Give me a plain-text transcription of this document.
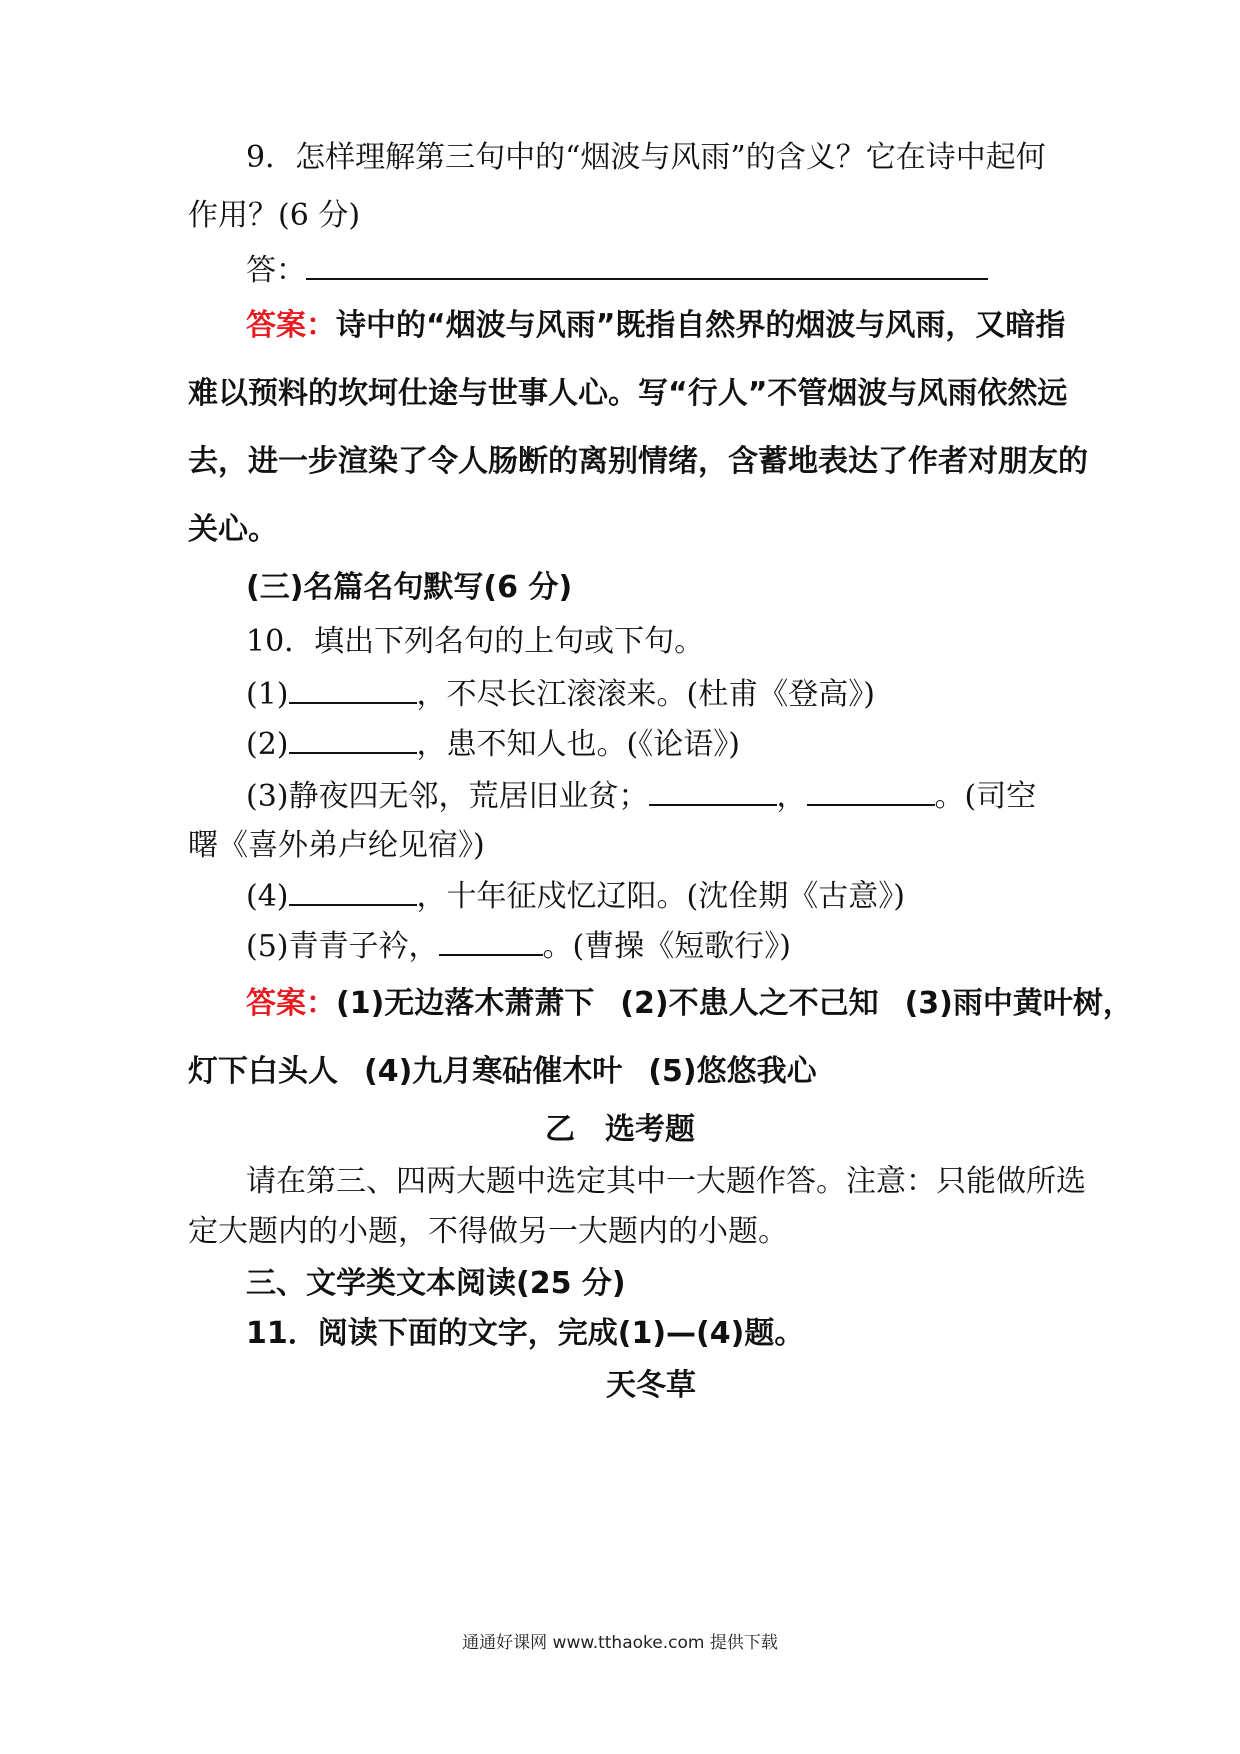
9．怎样理解第三句中的“烟波与风雨”的含义？它在诗中起何
作用？(6 分)
答：
答案：诗中的“烟波与风雨”既指自然界的烟波与风雨，又暗指
难以预料的坎坷仕途与世事人心。写“行人”不管烟波与风雨依然远
去，进一步渲染了令人肠断的离别情绪，含蓄地表达了作者对朋友的
关心。
(三)名篇名句默写(6 分)
10．填出下列名句的上句或下句。
(1)	，不尽长江滚滚来。(杜甫《登高》)
(2)	，患不知人也。(《论语》)
(3)静夜四无邻，荒居旧业贫；	，	。(司空
曙《喜外弟卢纶见宿》)
(4)	，十年征戍忆辽阳。(沈佺期《古意》)
(5)青青子衿，	。(曹操《短歌行》)
答案：(1)无边落木萧萧下 (2)不患人之不己知 (3)雨中黄叶树，
灯下白头人 (4)九月寒砧催木叶 (5)悠悠我心
乙　选考题
请在第三、四两大题中选定其中一大题作答。注意：只能做所选
定大题内的小题，不得做另一大题内的小题。
三、文学类文本阅读(25 分)
11．阅读下面的文字，完成(1)—(4)题。
天冬草
通通好课网 www.tthaoke.com 提供下载
